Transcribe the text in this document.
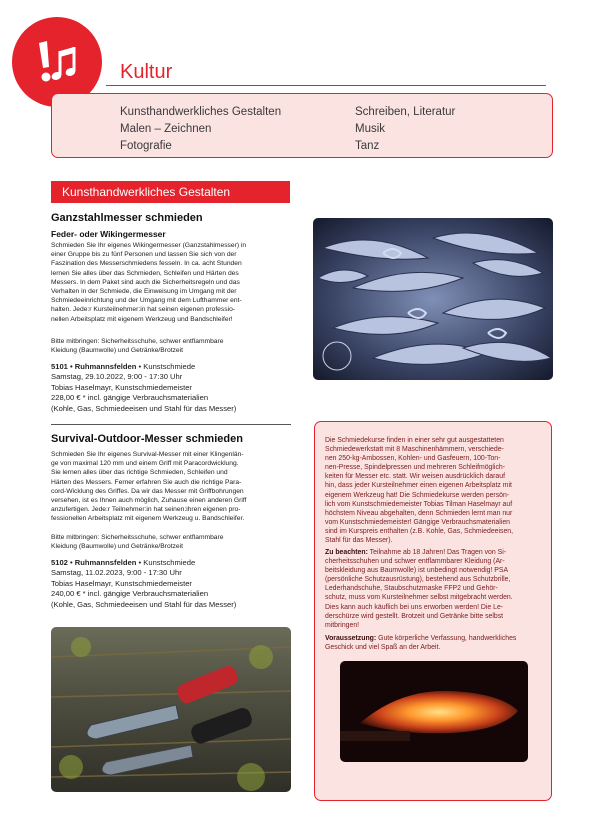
Kultur
Kunsthandwerkliches Gestalten
Malen – Zeichnen
Fotografie
Schreiben, Literatur
Musik
Tanz
Kunsthandwerkliches Gestalten
Ganzstahlmesser schmieden
Feder- oder Wikingermesser
Schmieden Sie Ihr eigenes Wikingermesser (Ganzstahlmesser) in
einer Gruppe bis zu fünf Personen und lassen Sie sich von der
Faszination des Messerschmiedens fesseln. In ca. acht Stunden
lernen Sie alles über das Schmieden, Schleifen und Härten des
Messers. In dem Paket sind auch die Sicherheitsregeln und das
Verhalten in der Schmiede, die Einweisung im Umgang mit der
Schmiedeeinrichtung und der Umgang mit dem Lufthammer ent-
halten. Jede:r Kursteilnehmer:in hat seinen eigenen professio-
nellen Arbeitsplatz mit eigenem Werkzeug und Bandschleifer!
Bitte mitbringen: Sicherheitsschuhe, schwer entflammbare
Kleidung (Baumwolle) und Getränke/Brotzeit
5101 • Ruhmannsfelden • Kunstschmiede
Samstag, 29.10.2022, 9:00 - 17:30 Uhr
Tobias Haselmayr, Kunstschmiedemeister
228,00 € * incl. gängige Verbrauchsmaterialien
(Kohle, Gas, Schmiedeeisen und Stahl für das Messer)
Survival-Outdoor-Messer schmieden
Schmieden Sie Ihr eigenes Survival-Messer mit einer Klingenlän-
ge von maximal 120 mm und einem Griff mit Paracordwicklung.
Sie lernen alles über das richtige Schmieden, Schleifen und
Härten des Messers. Ferner erfahren Sie auch die richtige Para-
cord-Wicklung des Griffes. Da wir das Messer mit Griffbohrungen
versehen, ist es Ihnen auch möglich, Zuhause einen anderen Griff
anzufertigen. Jede:r Teilnehmer:in hat seinen:ihren eigenen pro-
fessionellen Arbeitsplatz mit eigenem Werkzeug u. Bandschleifer.
Bitte mitbringen: Sicherheitsschuhe, schwer entflammbare
Kleidung (Baumwolle) und Getränke/Brotzeit
5102 • Ruhmannsfelden • Kunstschmiede
Samstag, 11.02.2023, 9:00 - 17:30 Uhr
Tobias Haselmayr, Kunstschmiedemeister
240,00 € * incl. gängige Verbrauchsmaterialien
(Kohle, Gas, Schmiedeeisen und Stahl für das Messer)
Die Schmiedekurse finden in einer sehr gut ausgestatteten
Schmiedewerkstatt mit 8 Maschinenhämmern, verschiede-
nen 250-kg-Ambossen, Kohlen- und Gasfeuern, 100-Ton-
nen-Presse, Spindelpressen und mehreren Schleifmöglich-
keiten für Messer etc. statt. Wir weisen ausdrücklich darauf
hin, dass jeder Kursteilnehmer einen eigenen Arbeitsplatz mit
eigenem Werkzeug hat! Die Schmiedekurse werden persön-
lich vom Kunstschmiedemeister Tobias Tilman Haselmayr auf
höchstem Niveau abgehalten, denn Schmieden lernt man nur
vom Kunstschmiedemeister! Gängige Verbrauchsmaterialien
sind im Kurspreis enthalten (z.B. Kohle, Gas, Schmiedeeisen,
Stahl für das Messer).
Zu beachten: Teilnahme ab 18 Jahren! Das Tragen von Si-
cherheitsschuhen und schwer entflammbarer Kleidung (Ar-
beitskleidung aus Baumwolle) ist unbedingt notwendig! PSA
(persönliche Schutzausrüstung), bestehend aus Schutzbrille,
Lederhandschuhe, Staubschutzmaske FFP2 und Gehör-
schutz, muss vom Kursteilnehmer selbst mitgebracht werden.
Dies kann auch käuflich bei uns erworben werden! Die Le-
derschürze wird gestellt. Brotzeit und Getränke bitte selbst
mitbringen!
Voraussetzung: Gute körperliche Verfassung, handwerkliches
Geschick und viel Spaß an der Arbeit.
